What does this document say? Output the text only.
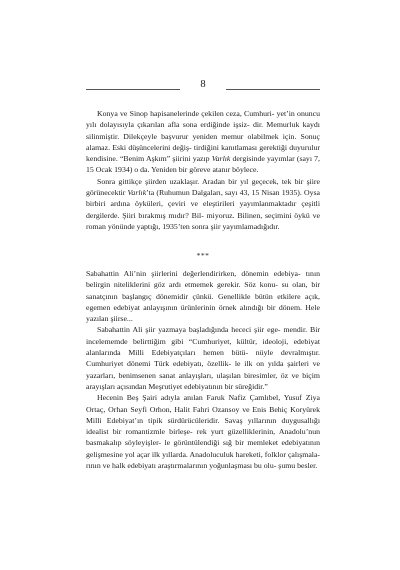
8

Konya ve Sinop hapisanelerinde çekilen ceza, Cumhuri- yet’in onuncu yılı dolayısıyla çıkarılan afla sona erdiğinde işsiz- dir. Memurluk kaydı silinmiştir. Dilekçeyle başvurur yeniden memur olabilmek için. Sonuç alamaz. Eski düşüncelerini değiş- tirdiğini kanıtlaması gerektiği duyurulur kendisine. “Benim Aşkım” şiirini yazıp Varlık dergisinde yayımlar (sayı 7, 15 Ocak 1934) o da. Yeniden bir göreve atanır böylece.

Sonra gittikçe şiirden uzaklaşır. Aradan bir yıl geçecek, tek bir şiire görünecektir Varlık’ta (Ruhumun Dalgaları, sayı 43, 15 Nisan 1935). Oysa birbiri ardına öyküleri, çeviri ve eleştirileri yayımlanmaktadır çeşitli dergilerde. Şiiri bırakmış mıdır? Bil- miyoruz. Bilinen, seçimini öykü ve roman yönünde yaptığı, 1935’ten sonra şiir yayımlamadığıdır.

***

Sabahattin Ali’nin şiirlerini değerlendirirken, dönemin edebiya- tının belirgin niteliklerini göz ardı etmemek gerekir. Söz konu- su olan, bir sanatçının başlangıç dönemidir çünkü. Genellikle bütün etkilere açık, egemen edebiyat anlayışının ürünlerinin örnek alındığı bir dönem. Hele yazılan şiirse...

Sabahattin Ali şiir yazmaya başladığında hececi şiir ege- mendir. Bir incelememde belirttiğim gibi “Cumhuriyet, kültür, ideoloji, edebiyat alanlarında Milli Edebiyatçıları hemen bütü- nüyle devralmıştır. Cumhuriyet dönemi Türk edebiyatı, özellik- le ilk on yılda şairleri ve yazarları, benimsenen sanat anlayışları, ulaşılan biresimler, öz ve biçim arayışları açısından Meşrutiyet edebiyatının bir süreğidir.”

Hecenin Beş Şairi adıyla anılan Faruk Nafiz Çamlıbel, Yusuf Ziya Ortaç, Orhan Seyfi Orhon, Halit Fahri Ozansoy ve Enis Behiç Koryürek Milli Edebiyat’ın tipik sürdürücüleridir. Savaş yıllarının duygusallığı idealist bir romantizmle birleşe- rek yurt güzelliklerinin, Anadolu’nun basmakalıp söyleyişler- le görüntülendiği sığ bir memleket edebiyatının gelişmesine yol açar ilk yıllarda. Anadoluculuk hareketi, folklor çalışmala- rının ve halk edebiyatı araştırmalarının yoğunlaşması bu olu- şumu besler.
